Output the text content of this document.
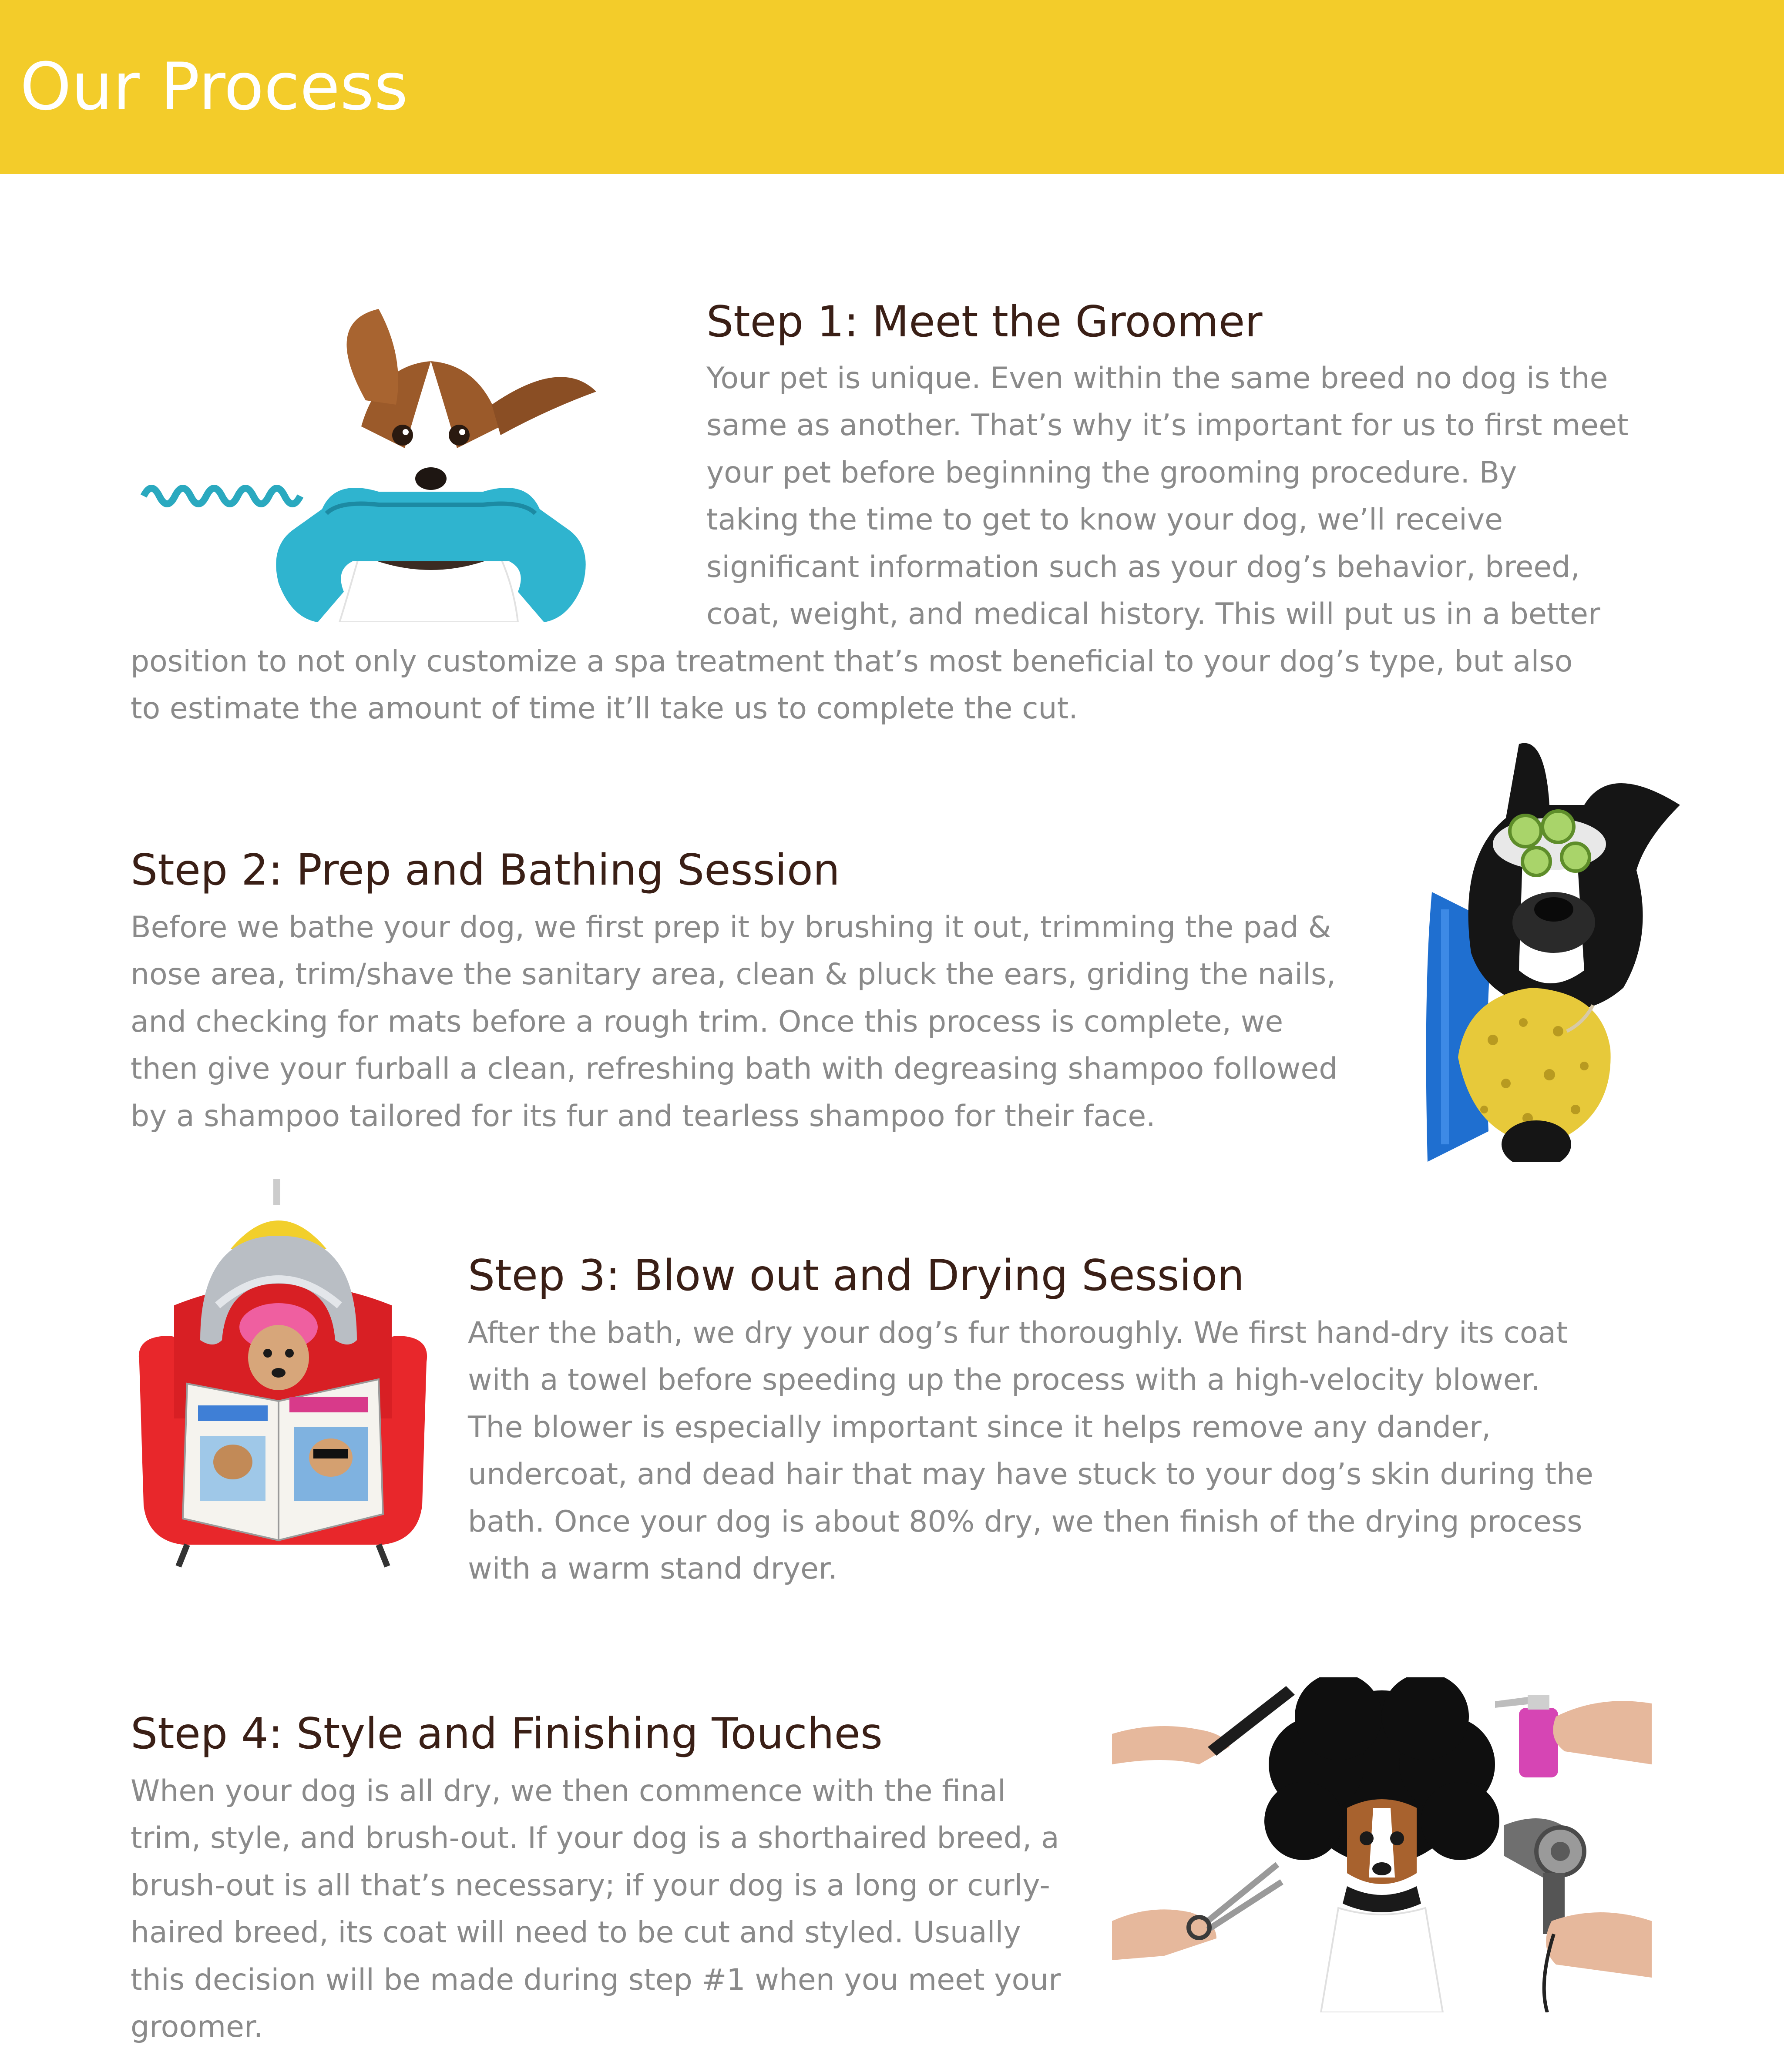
Our Process
Step 1: Meet the Groomer
Your pet is unique. Even within the same breed no dog is the
same as another. That’s why it’s important for us to first meet
your pet before beginning the grooming procedure. By
taking the time to get to know your dog, we’ll receive
significant information such as your dog’s behavior, breed,
coat, weight, and medical history. This will put us in a better
position to not only customize a spa treatment that’s most beneficial to your dog’s type, but also
to estimate the amount of time it’ll take us to complete the cut.
Step 2: Prep and Bathing Session
Before we bathe your dog, we first prep it by brushing it out, trimming the pad &
nose area, trim/shave the sanitary area, clean & pluck the ears, griding the nails,
and checking for mats before a rough trim. Once this process is complete, we
then give your furball a clean, refreshing bath with degreasing shampoo followed
by a shampoo tailored for its fur and tearless shampoo for their face.
Step 3: Blow out and Drying Session
After the bath, we dry your dog’s fur thoroughly. We first hand-dry its coat
with a towel before speeding up the process with a high-velocity blower.
The blower is especially important since it helps remove any dander,
undercoat, and dead hair that may have stuck to your dog’s skin during the
bath. Once your dog is about 80% dry, we then finish of the drying process
with a warm stand dryer.
Step 4: Style and Finishing Touches
When your dog is all dry, we then commence with the final
trim, style, and brush-out. If your dog is a shorthaired breed, a
brush-out is all that’s necessary; if your dog is a long or curly-
haired breed, its coat will need to be cut and styled. Usually
this decision will be made during step #1 when you meet your
groomer.
